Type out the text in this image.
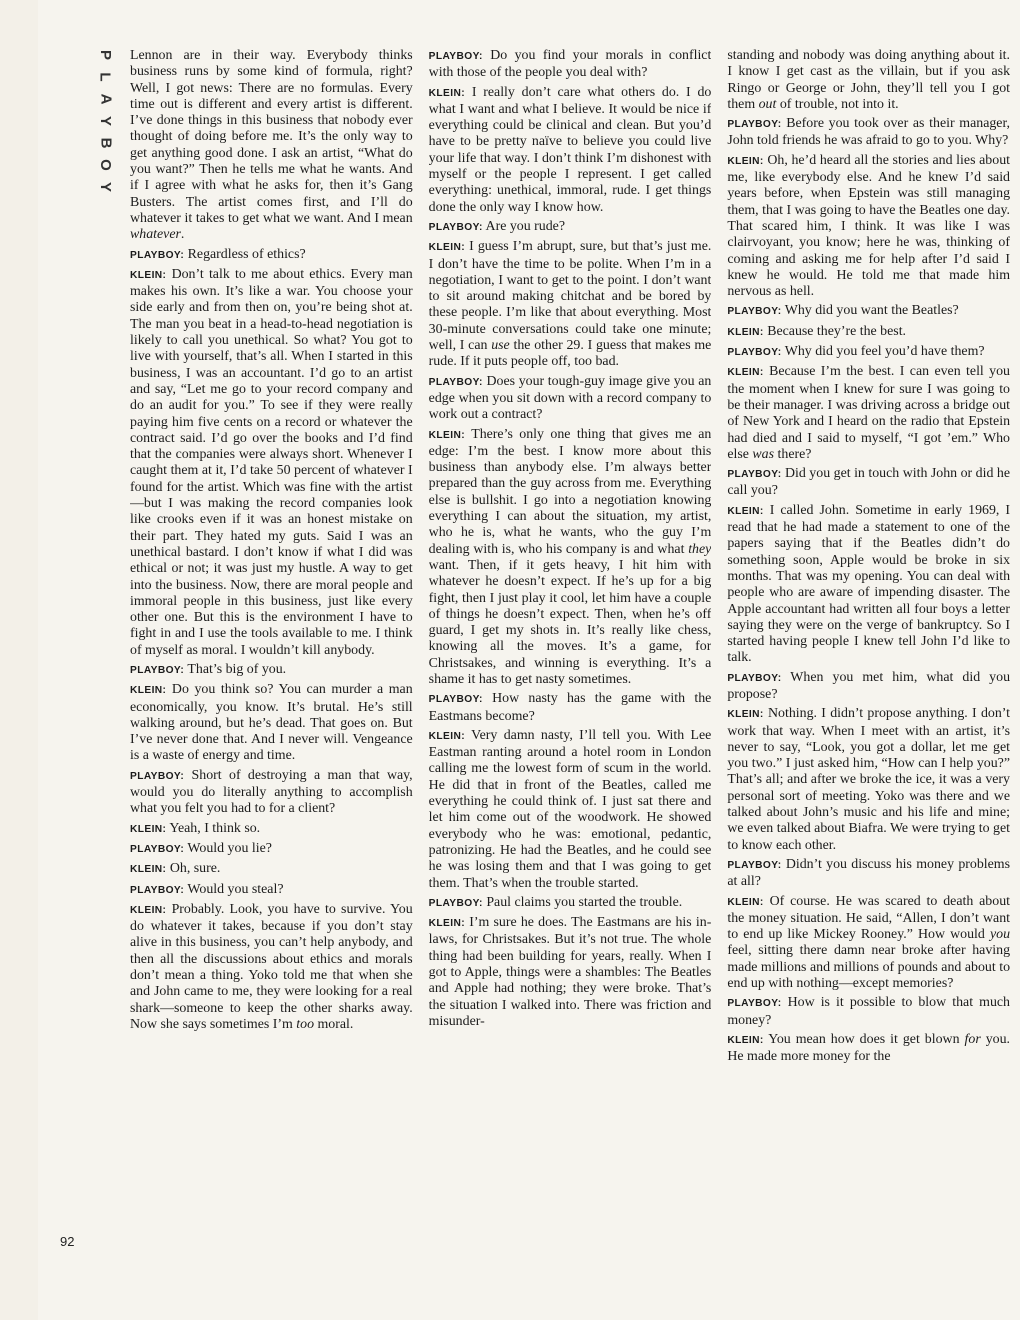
P
L
A
Y
B
O
Y
92

Lennon are in their way. Everybody thinks business runs by some kind of formula, right? Well, I got news: There are no formulas. Every time out is different and every artist is different. I’ve done things in this business that nobody ever thought of doing before me. It’s the only way to get anything good done. I ask an artist, “What do you want?” Then he tells me what he wants. And if I agree with what he asks for, then it’s Gang Busters. The artist comes first, and I’ll do whatever it takes to get what we want. And I mean whatever.

PLAYBOY: Regardless of ethics?

KLEIN: Don’t talk to me about ethics. Every man makes his own. It’s like a war. You choose your side early and from then on, you’re being shot at. The man you beat in a head-to-head negotiation is likely to call you unethical. So what? You got to live with yourself, that’s all. When I started in this business, I was an accountant. I’d go to an artist and say, “Let me go to your record company and do an audit for you.” To see if they were really paying him five cents on a record or whatever the contract said. I’d go over the books and I’d find that the companies were always short. Whenever I caught them at it, I’d take 50 percent of whatever I found for the artist. Which was fine with the artist —but I was making the record companies look like crooks even if it was an honest mistake on their part. They hated my guts. Said I was an unethical bastard. I don’t know if what I did was ethical or not; it was just my hustle. A way to get into the business. Now, there are moral people and immoral people in this business, just like every other one. But this is the environment I have to fight in and I use the tools available to me. I think of myself as moral. I wouldn’t kill anybody.

PLAYBOY: That’s big of you.

KLEIN: Do you think so? You can murder a man economically, you know. It’s brutal. He’s still walking around, but he’s dead. That goes on. But I’ve never done that. And I never will. Vengeance is a waste of energy and time.

PLAYBOY: Short of destroying a man that way, would you do literally anything to accomplish what you felt you had to for a client?

KLEIN: Yeah, I think so.

PLAYBOY: Would you lie?

KLEIN: Oh, sure.

PLAYBOY: Would you steal?

KLEIN: Probably. Look, you have to survive. You do whatever it takes, because if you don’t stay alive in this business, you can’t help anybody, and then all the discussions about ethics and morals don’t mean a thing. Yoko told me that when she and John came to me, they were looking for a real shark—someone to keep the other sharks away. Now she says sometimes I’m too moral.

PLAYBOY: Do you find your morals in conflict with those of the people you deal with?

KLEIN: I really don’t care what others do. I do what I want and what I believe. It would be nice if everything could be clinical and clean. But you’d have to be pretty naïve to believe you could live your life that way. I don’t think I’m dishonest with myself or the people I represent. I get called everything: unethical, immoral, rude. I get things done the only way I know how.

PLAYBOY: Are you rude?

KLEIN: I guess I’m abrupt, sure, but that’s just me. I don’t have the time to be polite. When I’m in a negotiation, I want to get to the point. I don’t want to sit around making chitchat and be bored by these people. I’m like that about everything. Most 30-minute conversations could take one minute; well, I can use the other 29. I guess that makes me rude. If it puts people off, too bad.

PLAYBOY: Does your tough-guy image give you an edge when you sit down with a record company to work out a contract?

KLEIN: There’s only one thing that gives me an edge: I’m the best. I know more about this business than anybody else. I’m always better prepared than the guy across from me. Everything else is bullshit. I go into a negotiation knowing everything I can about the situation, my artist, who he is, what he wants, who the guy I’m dealing with is, who his company is and what they want. Then, if it gets heavy, I hit him with whatever he doesn’t expect. If he’s up for a big fight, then I just play it cool, let him have a couple of things he doesn’t expect. Then, when he’s off guard, I get my shots in. It’s really like chess, knowing all the moves. It’s a game, for Christsakes, and winning is everything. It’s a shame it has to get nasty sometimes.

PLAYBOY: How nasty has the game with the Eastmans become?

KLEIN: Very damn nasty, I’ll tell you. With Lee Eastman ranting around a hotel room in London calling me the lowest form of scum in the world. He did that in front of the Beatles, called me everything he could think of. I just sat there and let him come out of the woodwork. He showed everybody who he was: emotional, pedantic, patronizing. He had the Beatles, and he could see he was losing them and that I was going to get them. That’s when the trouble started.

PLAYBOY: Paul claims you started the trouble.

KLEIN: I’m sure he does. The Eastmans are his in-laws, for Christsakes. But it’s not true. The whole thing had been building for years, really. When I got to Apple, things were a shambles: The Beatles and Apple had nothing; they were broke. That’s the situation I walked into. There was friction and misunder-

standing and nobody was doing anything about it. I know I get cast as the villain, but if you ask Ringo or George or John, they’ll tell you I got them out of trouble, not into it.

PLAYBOY: Before you took over as their manager, John told friends he was afraid to go to you. Why?

KLEIN: Oh, he’d heard all the stories and lies about me, like everybody else. And he knew I’d said years before, when Epstein was still managing them, that I was going to have the Beatles one day. That scared him, I think. It was like I was clairvoyant, you know; here he was, thinking of coming and asking me for help after I’d said I knew he would. He told me that made him nervous as hell.

PLAYBOY: Why did you want the Beatles?

KLEIN: Because they’re the best.

PLAYBOY: Why did you feel you’d have them?

KLEIN: Because I’m the best. I can even tell you the moment when I knew for sure I was going to be their manager. I was driving across a bridge out of New York and I heard on the radio that Epstein had died and I said to myself, “I got ’em.” Who else was there?

PLAYBOY: Did you get in touch with John or did he call you?

KLEIN: I called John. Sometime in early 1969, I read that he had made a statement to one of the papers saying that if the Beatles didn’t do something soon, Apple would be broke in six months. That was my opening. You can deal with people who are aware of impending disaster. The Apple accountant had written all four boys a letter saying they were on the verge of bankruptcy. So I started having people I knew tell John I’d like to talk.

PLAYBOY: When you met him, what did you propose?

KLEIN: Nothing. I didn’t propose anything. I don’t work that way. When I meet with an artist, it’s never to say, “Look, you got a dollar, let me get you two.” I just asked him, “How can I help you?” That’s all; and after we broke the ice, it was a very personal sort of meeting. Yoko was there and we talked about John’s music and his life and mine; we even talked about Biafra. We were trying to get to know each other.

PLAYBOY: Didn’t you discuss his money problems at all?

KLEIN: Of course. He was scared to death about the money situation. He said, “Allen, I don’t want to end up like Mickey Rooney.” How would you feel, sitting there damn near broke after having made millions and millions of pounds and about to end up with nothing—except memories?

PLAYBOY: How is it possible to blow that much money?

KLEIN: You mean how does it get blown for you. He made more money for the
